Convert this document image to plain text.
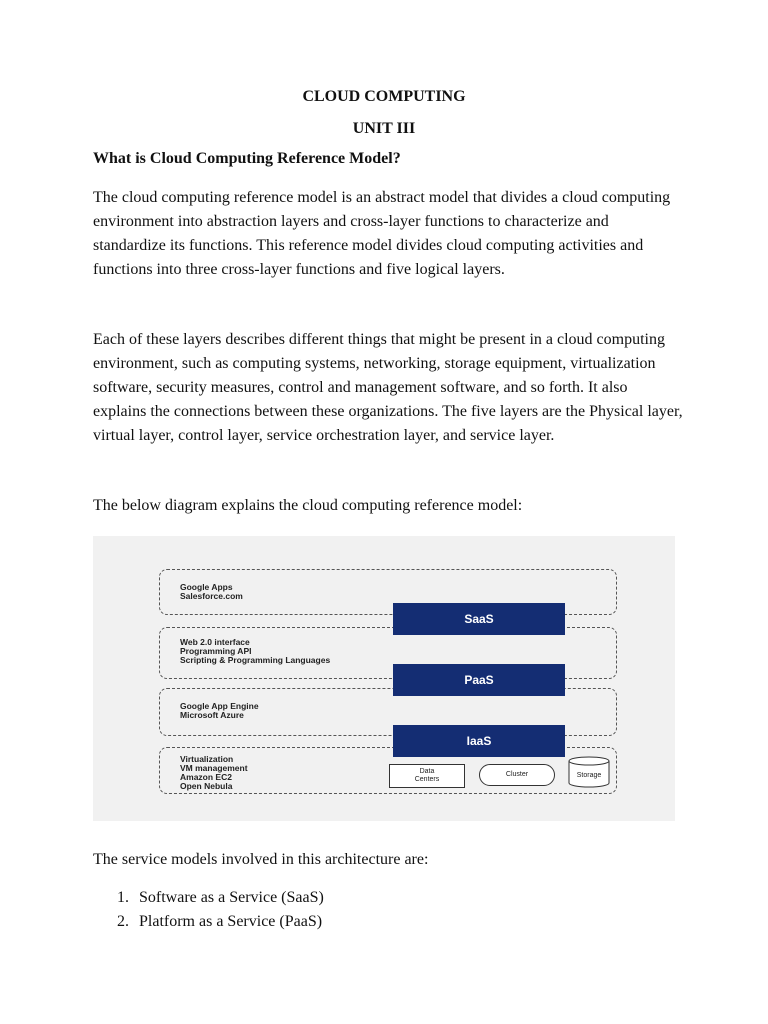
CLOUD COMPUTING
UNIT III
What is Cloud Computing Reference Model?

The cloud computing reference model is an abstract model that divides a cloud computing environment into abstraction layers and cross-layer functions to characterize and standardize its functions. This reference model divides cloud computing activities and functions into three cross-layer functions and five logical layers.

Each of these layers describes different things that might be present in a cloud computing environment, such as computing systems, networking, storage equipment, virtualization software, security measures, control and management software, and so forth. It also explains the connections between these organizations. The five layers are the Physical layer, virtual layer, control layer, service orchestration layer, and service layer.

The below diagram explains the cloud computing reference model:

Google Apps
Salesforce.com
Web 2.0 interface
Programming API
Scripting & Programming Languages
Google App Engine
Microsoft Azure
Virtualization
VM management
Amazon EC2
Open Nebula
SaaS
PaaS
IaaS
Data
Centers
Cluster	Storage

The service models involved in this architecture are:

1. Software as a Service (SaaS)
2. Platform as a Service (PaaS)
